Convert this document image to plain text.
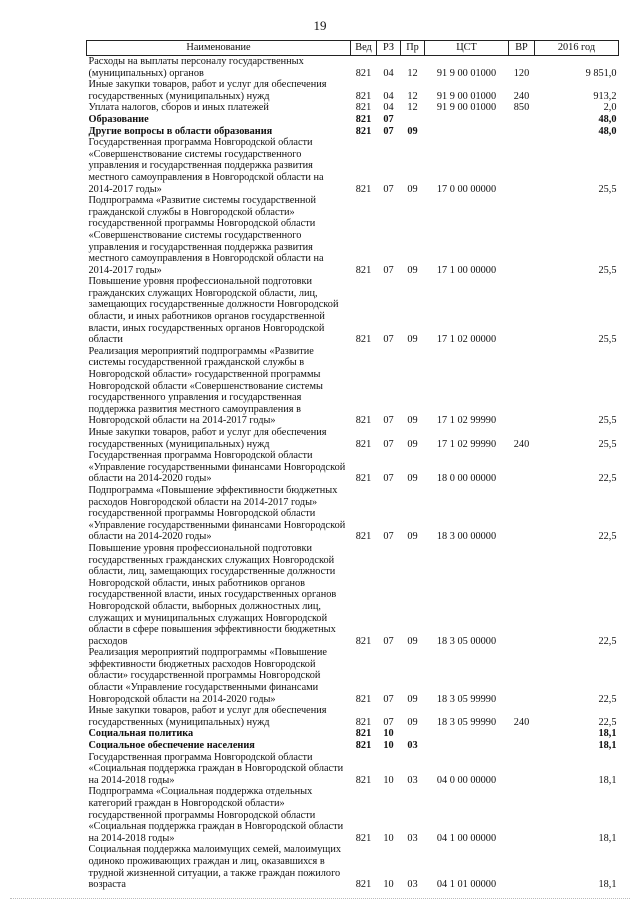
19
Наименование	Вед	РЗ	Пр	ЦСТ	ВР	2016 год
Расходы на выплаты персоналу государственных (муниципальных) органов	821	04	12	91 9 00 01000	120	9 851,0
Иные закупки товаров, работ и услуг для обеспечения государственных (муниципальных) нужд	821	04	12	91 9 00 01000	240	913,2
Уплата налогов, сборов и иных платежей	821	04	12	91 9 00 01000	850	2,0
Образование	821	07				48,0
Другие вопросы в области образования	821	07	09			48,0
Государственная программа Новгородской области «Совершенствование системы государственного управления и государственная поддержка развития местного самоуправления в Новгородской области на 2014-2017 годы»	821	07	09	17 0 00 00000		25,5
Подпрограмма «Развитие системы государственной гражданской службы в Новгородской области» государственной программы Новгородской области «Совершенствование системы государственного управления и государственная поддержка развития местного самоуправления в Новгородской области на 2014-2017 годы»	821	07	09	17 1 00 00000		25,5
Повышение уровня профессиональной подготовки гражданских служащих Новгородской области, лиц, замещающих государственные должности Новгородской области, и иных работников органов государственной власти, иных государственных органов Новгородской области	821	07	09	17 1 02 00000		25,5
Реализация мероприятий подпрограммы «Развитие системы государственной гражданской службы в Новгородской области» государственной программы Новгородской области «Совершенствование системы государственного управления и государственная поддержка развития местного самоуправления в Новгородской области на 2014-2017 годы»	821	07	09	17 1 02 99990		25,5
Иные закупки товаров, работ и услуг для обеспечения государственных (муниципальных) нужд	821	07	09	17 1 02 99990	240	25,5
Государственная программа Новгородской области «Управление государственными финансами Новгородской области на 2014-2020 годы»	821	07	09	18 0 00 00000		22,5
Подпрограмма «Повышение эффективности бюджетных расходов Новгородской области на 2014-2017 годы» государственной программы Новгородской области «Управление государственными финансами Новгородской области на 2014-2020 годы»	821	07	09	18 3 00 00000		22,5
Повышение уровня профессиональной подготовки государственных гражданских служащих Новгородской области, лиц, замещающих государственные должности Новгородской области, иных работников органов государственной власти, иных государственных органов Новгородской области, выборных должностных лиц, служащих и муниципальных служащих Новгородской области в сфере повышения эффективности бюджетных расходов	821	07	09	18 3 05 00000		22,5
Реализация мероприятий подпрограммы «Повышение эффективности бюджетных расходов Новгородской области» государственной программы Новгородской области «Управление государственными финансами Новгородской области на 2014-2020 годы»	821	07	09	18 3 05 99990		22,5
Иные закупки товаров, работ и услуг для обеспечения государственных (муниципальных) нужд	821	07	09	18 3 05 99990	240	22,5
Социальная политика	821	10				18,1
Социальное обеспечение населения	821	10	03			18,1
Государственная программа Новгородской области «Социальная поддержка граждан в Новгородской области на 2014-2018 годы»	821	10	03	04 0 00 00000		18,1
Подпрограмма «Социальная поддержка отдельных категорий граждан в Новгородской области» государственной программы Новгородской области «Социальная поддержка граждан в Новгородской области на 2014-2018 годы»	821	10	03	04 1 00 00000		18,1
Социальная поддержка малоимущих семей, малоимущих одиноко проживающих граждан и лиц, оказавшихся в трудной жизненной ситуации, а также граждан пожилого возраста	821	10	03	04 1 01 00000		18,1
